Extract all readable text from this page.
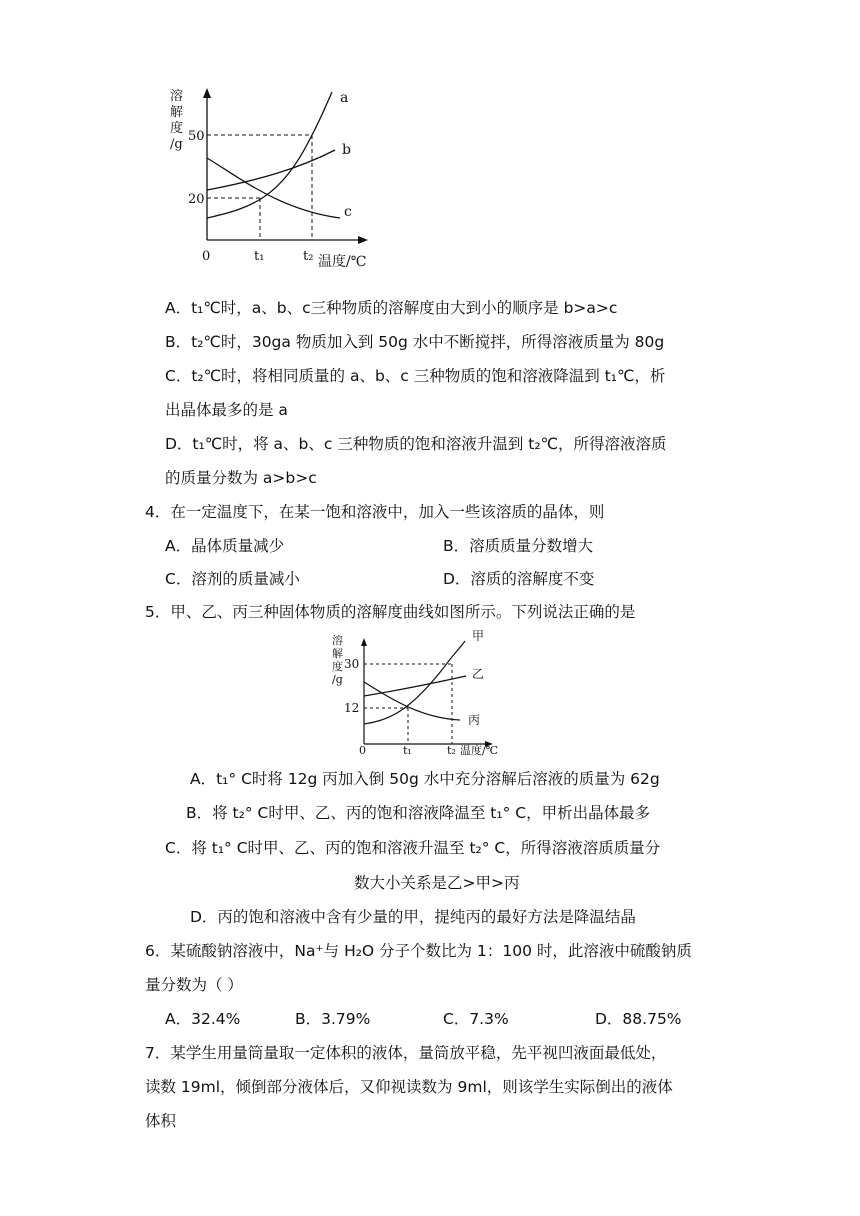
溶
解
度
/g
50
20
0	t₁	t₂ 温度/℃
a
b
c
A．t₁℃时，a、b、c三种物质的溶解度由大到小的顺序是 b>a>c
B．t₂℃时，30ga 物质加入到 50g 水中不断搅拌，所得溶液质量为 80g
C．t₂℃时，将相同质量的 a、b、c 三种物质的饱和溶液降温到 t₁℃，析
出晶体最多的是 a
D．t₁℃时，将 a、b、c 三种物质的饱和溶液升温到 t₂℃，所得溶液溶质
的质量分数为 a>b>c
4．在一定温度下，在某一饱和溶液中，加入一些该溶质的晶体，则
A．晶体质量减少	B．溶质质量分数增大
C．溶剂的质量减小	D．溶质的溶解度不变
5．甲、乙、丙三种固体物质的溶解度曲线如图所示。下列说法正确的是
溶
解
度
/g
30
12
0	t₁	t₂ 温度/℃
甲
乙
丙
A．t₁° C时将 12g 丙加入倒 50g 水中充分溶解后溶液的质量为 62g
B．将 t₂° C时甲、乙、丙的饱和溶液降温至 t₁° C，甲析出晶体最多
C．将 t₁° C时甲、乙、丙的饱和溶液升温至 t₂° C，所得溶液溶质质量分
数大小关系是乙>甲>丙
D．丙的饱和溶液中含有少量的甲，提纯丙的最好方法是降温结晶
6．某硫酸钠溶液中，Na⁺与 H₂O 分子个数比为 1：100 时，此溶液中硫酸钠质
量分数为（ ）
A．32.4%	B．3.79%	C．7.3%	D．88.75%
7．某学生用量筒量取一定体积的液体，量筒放平稳，先平视凹液面最低处，
读数 19ml，倾倒部分液体后，又仰视读数为 9ml，则该学生实际倒出的液体
体积
